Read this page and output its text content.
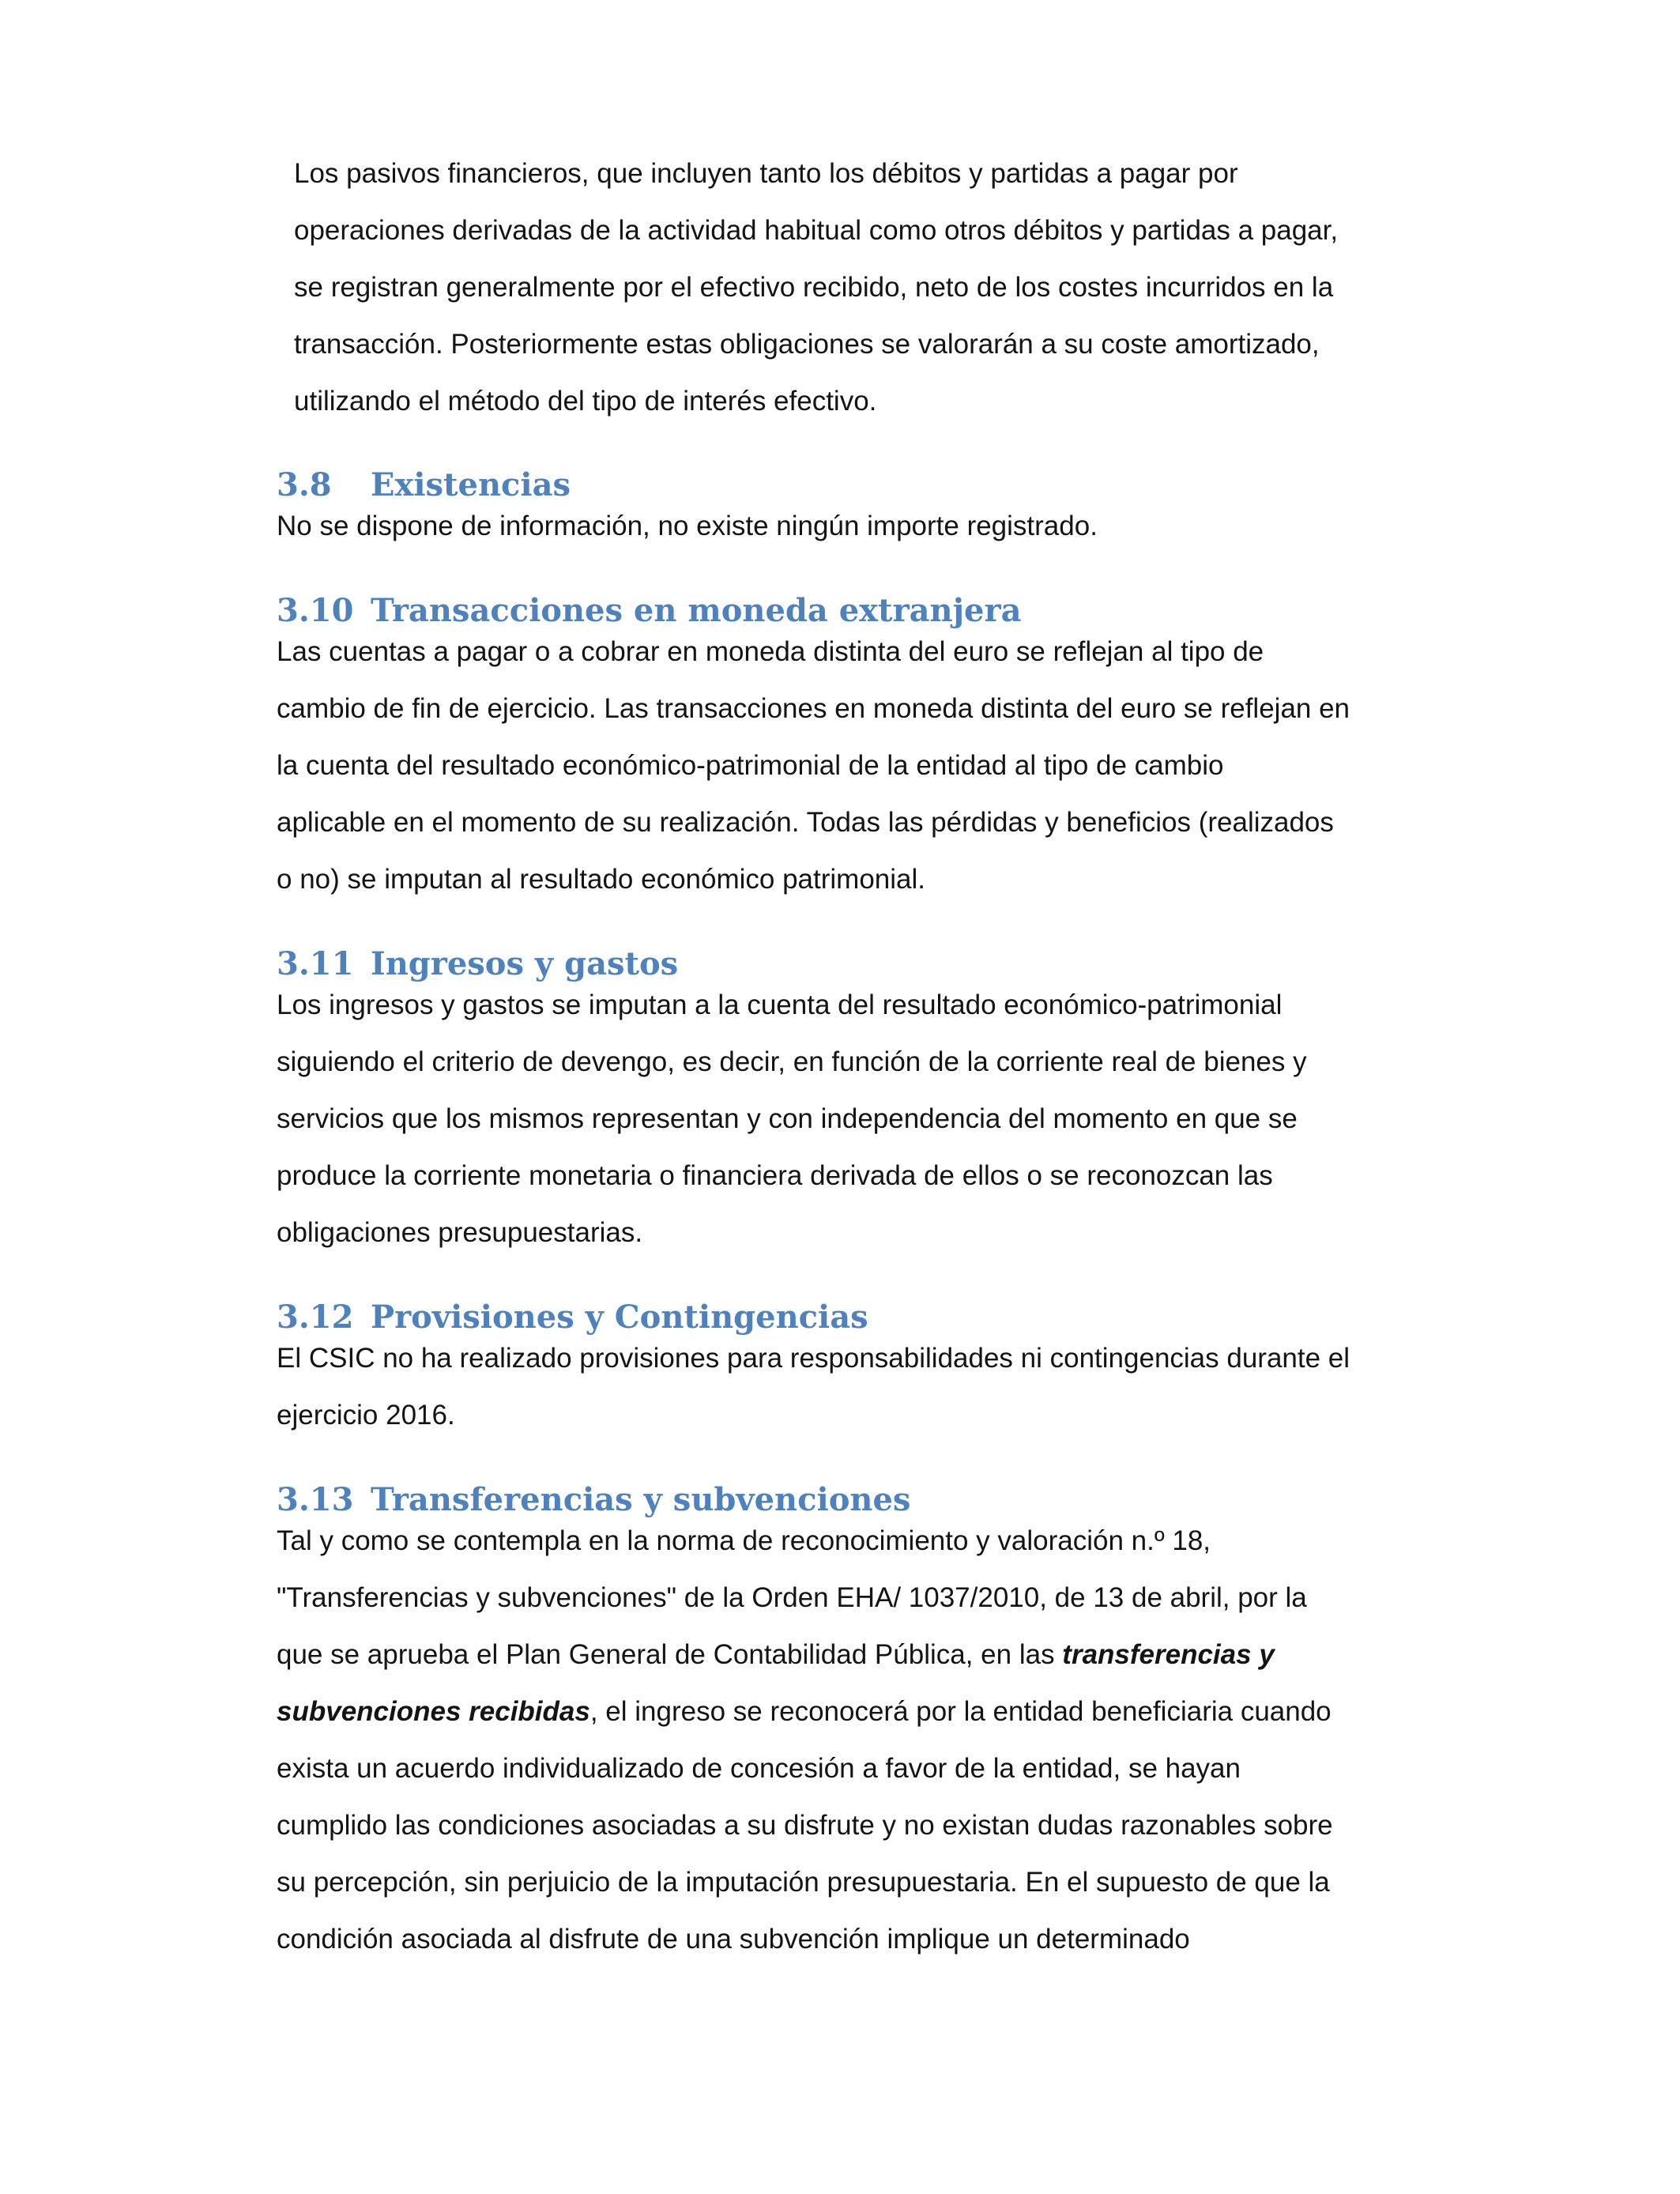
Los pasivos financieros, que incluyen tanto los débitos y partidas a pagar por
operaciones derivadas de la actividad habitual como otros débitos y partidas a pagar,
se registran generalmente por el efectivo recibido, neto de los costes incurridos en la
transacción. Posteriormente estas obligaciones se valorarán a su coste amortizado,
utilizando el método del tipo de interés efectivo.

3.8 Existencias

No se dispone de información, no existe ningún importe registrado.

3.10 Transacciones en moneda extranjera

Las cuentas a pagar o a cobrar en moneda distinta del euro se reflejan al tipo de
cambio de fin de ejercicio. Las transacciones en moneda distinta del euro se reflejan en
la cuenta del resultado económico-patrimonial de la entidad al tipo de cambio
aplicable en el momento de su realización. Todas las pérdidas y beneficios (realizados
o no) se imputan al resultado económico patrimonial.

3.11 Ingresos y gastos

Los ingresos y gastos se imputan a la cuenta del resultado económico-patrimonial
siguiendo el criterio de devengo, es decir, en función de la corriente real de bienes y
servicios que los mismos representan y con independencia del momento en que se
produce la corriente monetaria o financiera derivada de ellos o se reconozcan las
obligaciones presupuestarias.

3.12 Provisiones y Contingencias

El CSIC no ha realizado provisiones para responsabilidades ni contingencias durante el
ejercicio 2016.

3.13 Transferencias y subvenciones

Tal y como se contempla en la norma de reconocimiento y valoración n.º 18,
"Transferencias y subvenciones" de la Orden EHA/ 1037/2010, de 13 de abril, por la
que se aprueba el Plan General de Contabilidad Pública, en las transferencias y
subvenciones recibidas, el ingreso se reconocerá por la entidad beneficiaria cuando
exista un acuerdo individualizado de concesión a favor de la entidad, se hayan
cumplido las condiciones asociadas a su disfrute y no existan dudas razonables sobre
su percepción, sin perjuicio de la imputación presupuestaria. En el supuesto de que la
condición asociada al disfrute de una subvención implique un determinado
